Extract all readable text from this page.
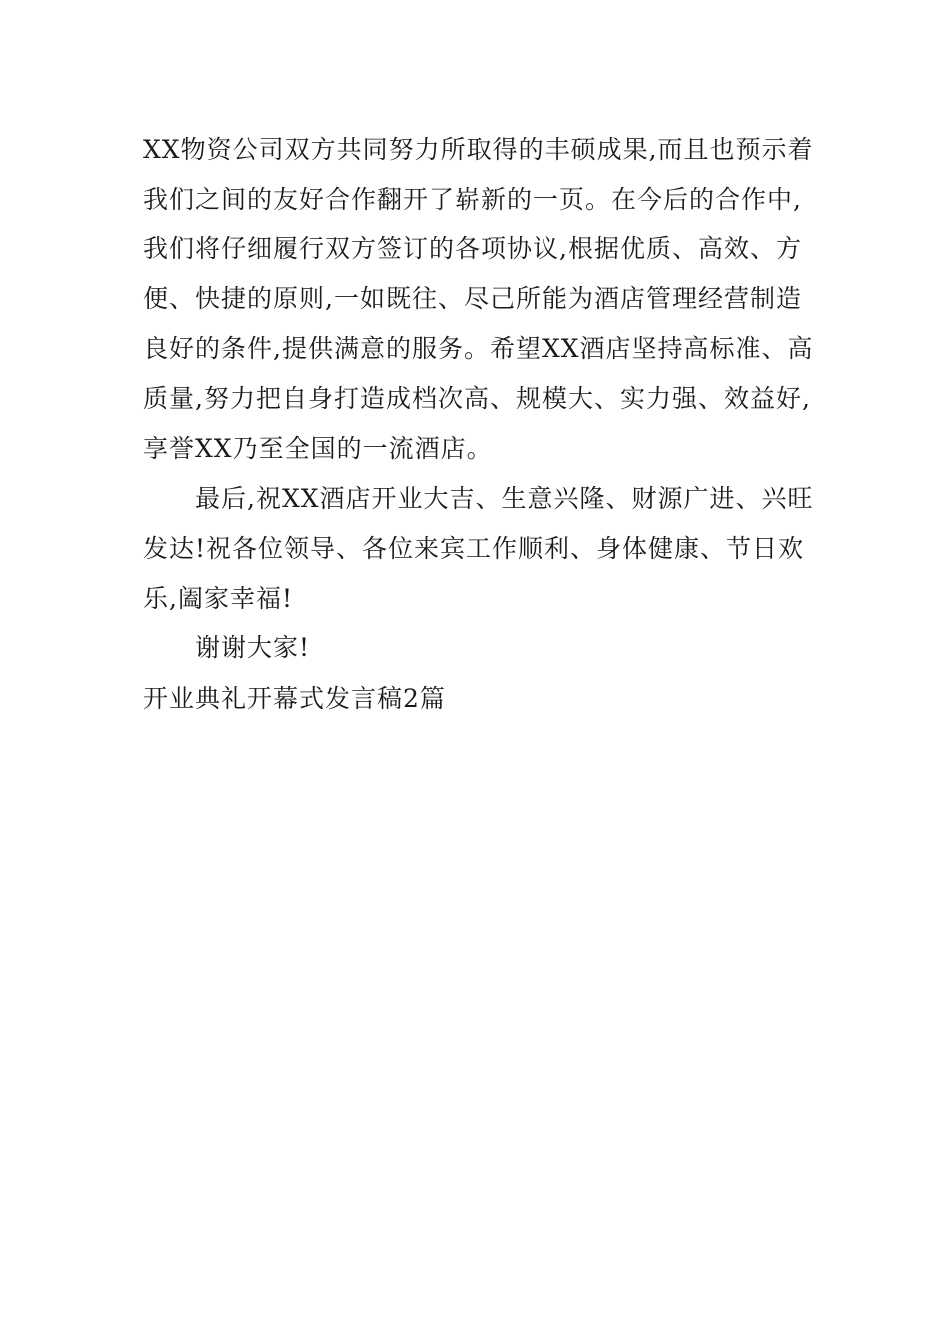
XX物资公司双方共同努力所取得的丰硕成果,而且也预示着
我们之间的友好合作翻开了崭新的一页。在今后的合作中,
我们将仔细履行双方签订的各项协议,根据优质、高效、方
便、快捷的原则,一如既往、尽己所能为酒店管理经营制造
良好的条件,提供满意的服务。希望XX酒店坚持高标准、高
质量,努力把自身打造成档次高、规模大、实力强、效益好,
享誉XX乃至全国的一流酒店。
最后,祝XX酒店开业大吉、生意兴隆、财源广进、兴旺
发达!祝各位领导、各位来宾工作顺利、身体健康、节日欢
乐,阖家幸福!
谢谢大家!
开业典礼开幕式发言稿2篇
